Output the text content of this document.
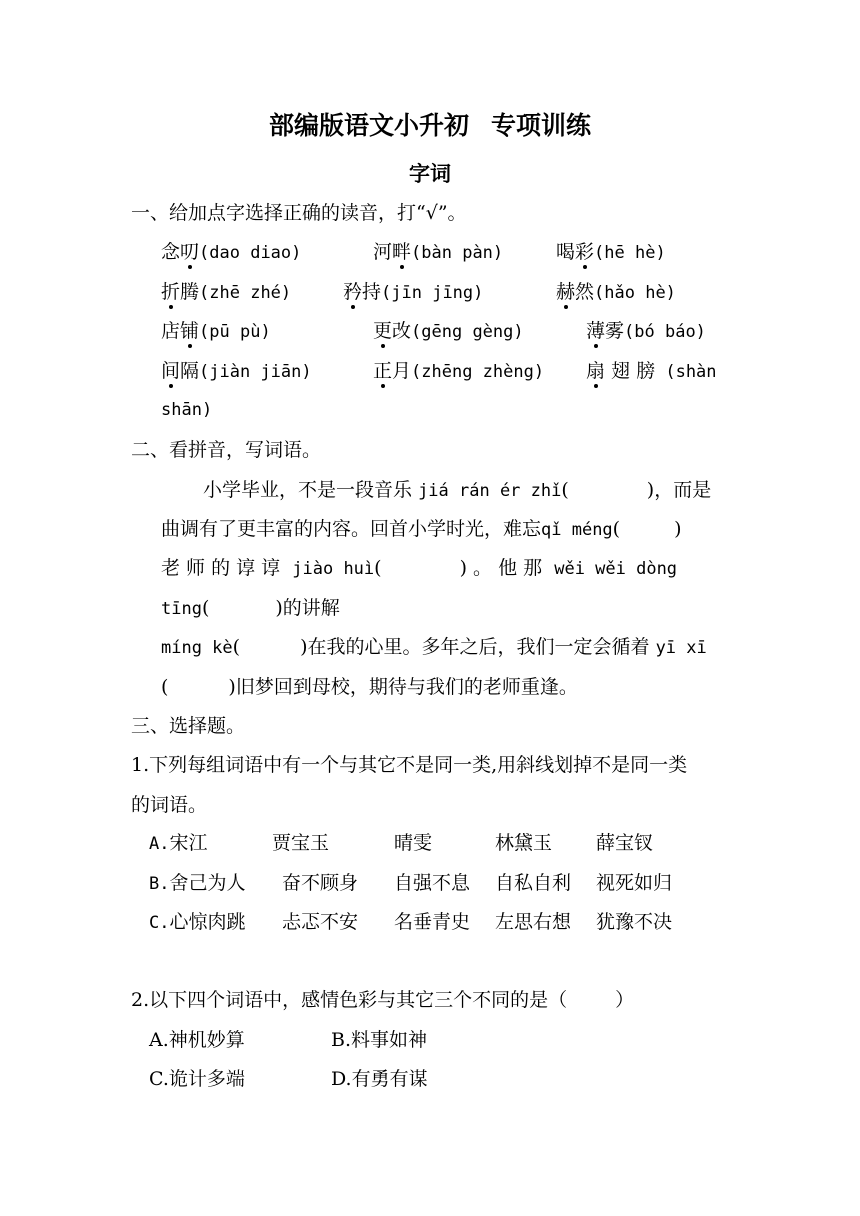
部编版语文小升初 专项训练
字词
一、给加点字选择正确的读音，打“√”。
念叨(dao diao)	河畔(bàn pàn)	喝彩(hē hè)
折腾(zhē zhé)	矜持(jīn jīng)	赫然(hǎo hè)
店铺(pū pù)	更改(gēng gèng)	薄雾(bó báo)
间隔(jiàn jiān)	正月(zhēng zhèng) 扇 翅 膀 (shàn
shān)
二、看拼音，写词语。
小学毕业，不是一段音乐 jiá rán ér zhǐ(	)，而是
曲调有了更丰富的内容。回首小学时光，难忘qǐ méng(	)
老 师 的 谆 谆 jiào huì(	) 。 他 那 wěi wěi dòng
tīng(	)的讲解
míng kè(	)在我的心里。多年之后，我们一定会循着 yī xī
(	)旧梦回到母校，期待与我们的老师重逢。
三、选择题。
1.下列每组词语中有一个与其它不是同一类,用斜线划掉不是同一类
的词语。
A.宋江	贾宝玉	晴雯	林黛玉 薛宝钗
B.舍己为人 奋不顾身 自强不息 自私自利 视死如归
C.心惊肉跳 忐忑不安 名垂青史 左思右想 犹豫不决
2.以下四个词语中，感情色彩与其它三个不同的是（	）
A.神机妙算	B.料事如神
C.诡计多端	D.有勇有谋
